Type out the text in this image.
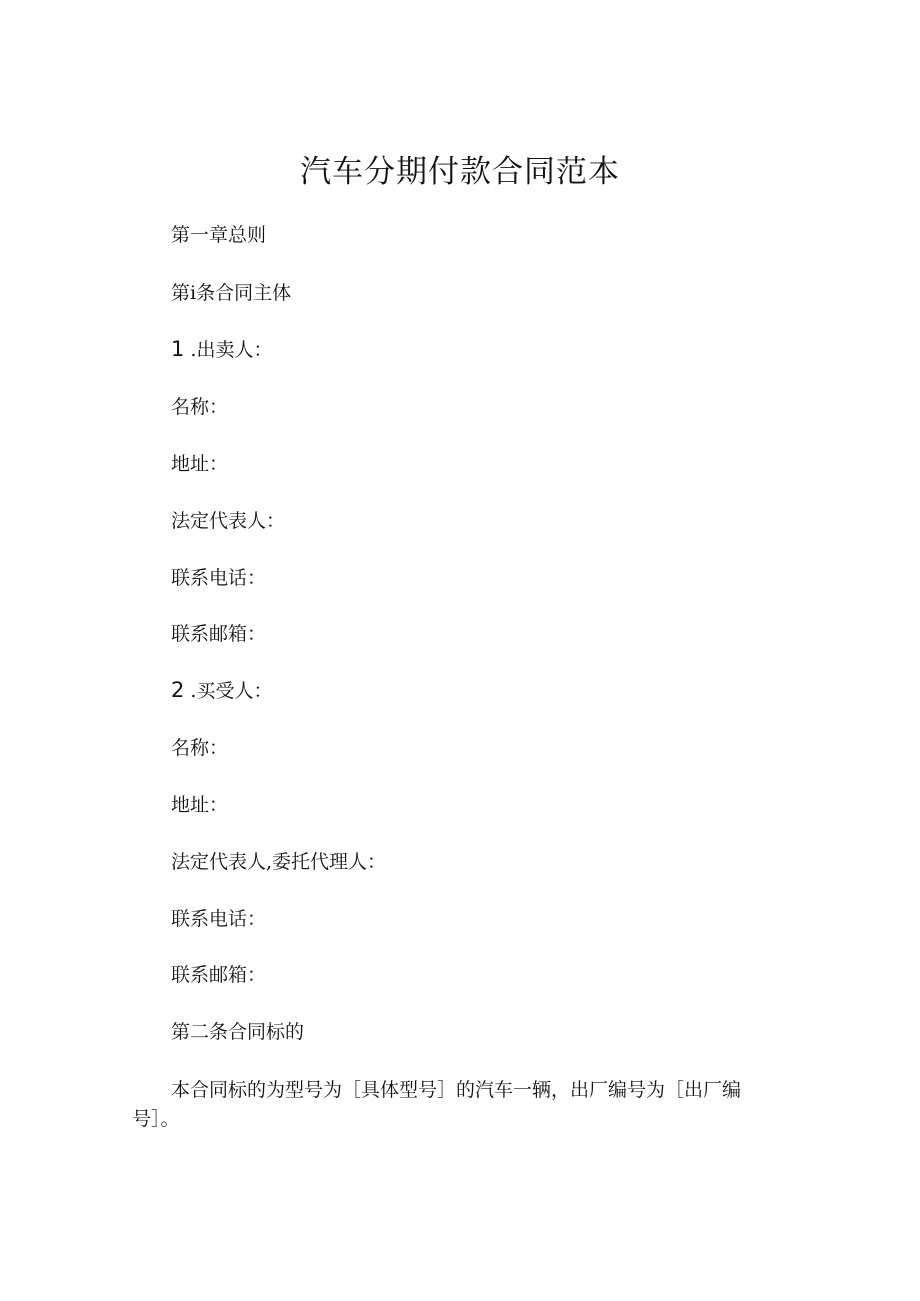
汽车分期付款合同范本

第一章总则

第i条合同主体

1 .出卖人：

名称：

地址：

法定代表人：

联系电话：

联系邮箱：

2 .买受人：

名称：

地址：

法定代表人,委托代理人：

联系电话：

联系邮箱：

第二条合同标的

本合同标的为型号为［具体型号］的汽车一辆，出厂编号为［出厂编号］。
